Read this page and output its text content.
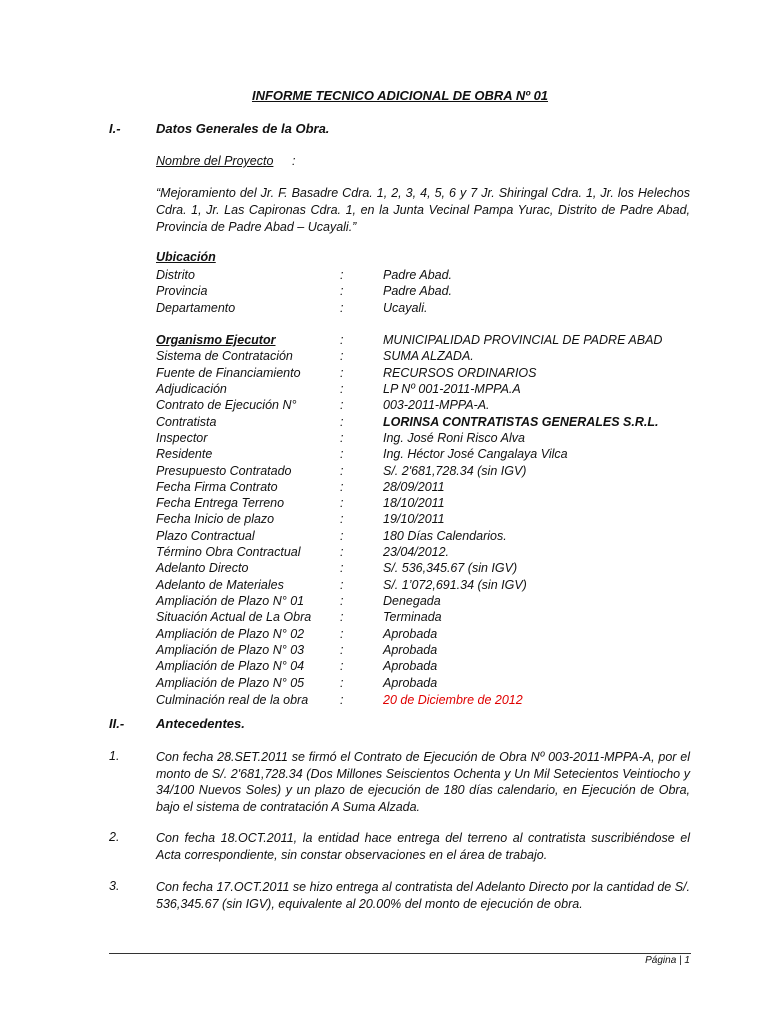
INFORME TECNICO ADICIONAL DE OBRA Nº 01
I.-	Datos Generales de la Obra.
Nombre del Proyecto :
“Mejoramiento del Jr. F. Basadre Cdra. 1, 2, 3, 4, 5, 6 y 7 Jr. Shiringal Cdra. 1, Jr. los Helechos Cdra. 1, Jr. Las Capironas Cdra. 1, en la Junta Vecinal Pampa Yurac, Distrito de Padre Abad, Provincia de Padre Abad – Ucayali.”
Ubicación
Distrito	:	Padre Abad.
Provincia	:	Padre Abad.
Departamento	:	Ucayali.
Organismo Ejecutor	:	MUNICIPALIDAD PROVINCIAL DE PADRE ABAD
Sistema de Contratación	:	SUMA ALZADA.
Fuente de Financiamiento	:	RECURSOS ORDINARIOS
Adjudicación	:	LP Nº 001-2011-MPPA.A
Contrato de Ejecución N°	:	003-2011-MPPA-A.
Contratista	:	LORINSA CONTRATISTAS GENERALES S.R.L.
Inspector	:	Ing. José Roni Risco Alva
Residente	:	Ing. Héctor José Cangalaya Vilca
Presupuesto Contratado	:	S/. 2'681,728.34 (sin IGV)
Fecha Firma Contrato	:	28/09/2011
Fecha Entrega Terreno	:	18/10/2011
Fecha Inicio de plazo	:	19/10/2011
Plazo Contractual	:	180 Días Calendarios.
Término Obra Contractual	:	23/04/2012.
Adelanto Directo	:	S/. 536,345.67 (sin IGV)
Adelanto de Materiales	:	S/. 1’072,691.34 (sin IGV)
Ampliación de Plazo N° 01	:	Denegada
Situación Actual de La Obra :	Terminada
Ampliación de Plazo N° 02	:	Aprobada
Ampliación de Plazo N° 03	:	Aprobada
Ampliación de Plazo N° 04	:	Aprobada
Ampliación de Plazo N° 05	:	Aprobada
Culminación real de la obra	:	20 de Diciembre de 2012
II.- Antecedentes.
1.	Con fecha 28.SET.2011 se firmó el Contrato de Ejecución de Obra Nº 003-2011-MPPA-A, por el monto de S/. 2'681,728.34 (Dos Millones Seiscientos Ochenta y Un Mil Setecientos Veintiocho y 34/100 Nuevos Soles) y un plazo de ejecución de 180 días calendario, en Ejecución de Obra, bajo el sistema de contratación A Suma Alzada.
2.	Con fecha 18.OCT.2011, la entidad hace entrega del terreno al contratista suscribiéndose el Acta correspondiente, sin constar observaciones en el área de trabajo.
3.	Con fecha 17.OCT.2011 se hizo entrega al contratista del Adelanto Directo por la cantidad de S/. 536,345.67 (sin IGV), equivalente al 20.00% del monto de ejecución de obra.
Página | 1
